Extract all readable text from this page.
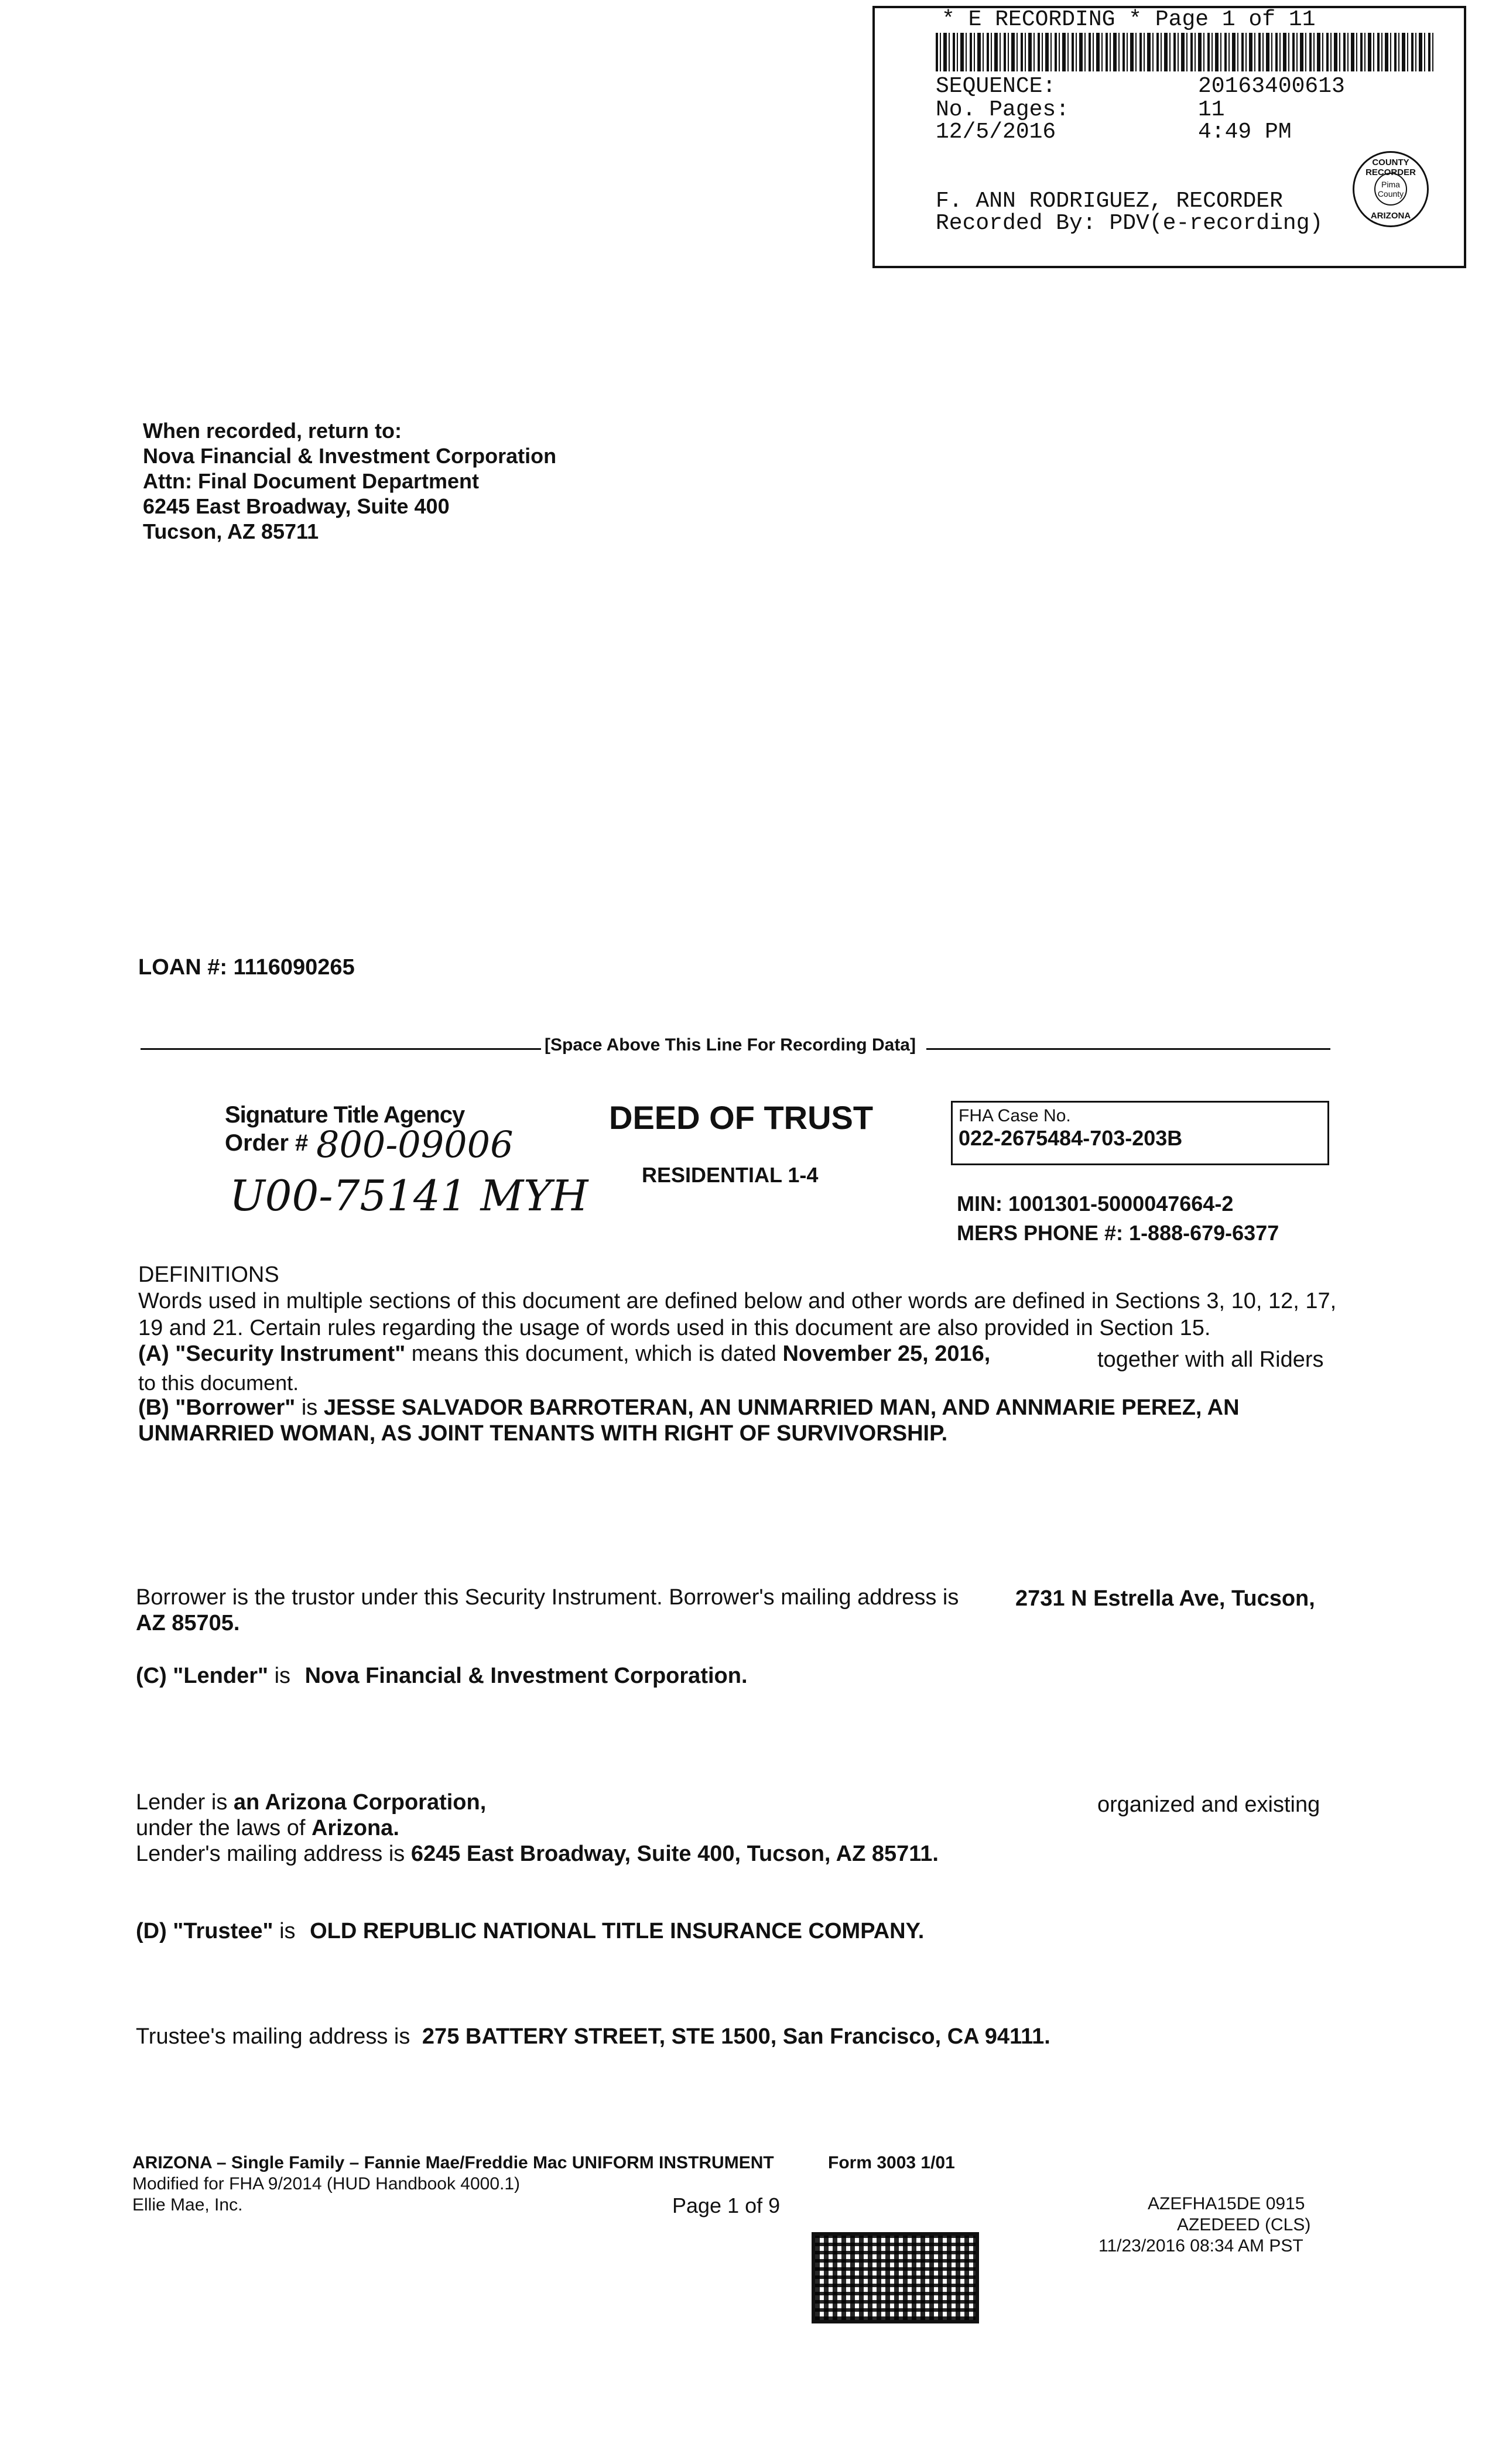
* E RECORDING * Page 1 of 11
SEQUENCE:	20163400613
No. Pages:	11
12/5/2016	4:49 PM
F. ANN RODRIGUEZ, RECORDER
Recorded By: PDV(e-recording)
COUNTY RECORDER
Pima County
ARIZONA
When recorded, return to:
Nova Financial & Investment Corporation
Attn: Final Document Department
6245 East Broadway, Suite 400
Tucson, AZ 85711
LOAN #: 1116090265
[Space Above This Line For Recording Data]
Signature Title Agency
Order # 800-09006
U00-75141 MYH
DEED OF TRUST
RESIDENTIAL 1-4
FHA Case No.
022-2675484-703-203B
MIN: 1001301-5000047664-2
MERS PHONE #: 1-888-679-6377
DEFINITIONS
Words used in multiple sections of this document are defined below and other words are defined in Sections 3, 10, 12, 17,
19 and 21. Certain rules regarding the usage of words used in this document are also provided in Section 15.
(A) "Security Instrument" means this document, which is dated November 25, 2016,	together with all Riders
to this document.
(B) "Borrower" is JESSE SALVADOR BARROTERAN, AN UNMARRIED MAN, AND ANNMARIE PEREZ, AN
UNMARRIED WOMAN, AS JOINT TENANTS WITH RIGHT OF SURVIVORSHIP.
Borrower is the trustor under this Security Instrument. Borrower's mailing address is	2731 N Estrella Ave, Tucson,
AZ 85705.
(C) "Lender" is Nova Financial & Investment Corporation.
Lender is an Arizona Corporation,	organized and existing
under the laws of Arizona.
Lender's mailing address is 6245 East Broadway, Suite 400, Tucson, AZ 85711.
(D) "Trustee" is OLD REPUBLIC NATIONAL TITLE INSURANCE COMPANY.
Trustee's mailing address is 275 BATTERY STREET, STE 1500, San Francisco, CA 94111.
ARIZONA – Single Family – Fannie Mae/Freddie Mac UNIFORM INSTRUMENT	Form 3003 1/01
Modified for FHA 9/2014 (HUD Handbook 4000.1)
Ellie Mae, Inc.	Page 1 of 9	AZEFHA15DE 0915
AZEDEED (CLS)
11/23/2016 08:34 AM PST
